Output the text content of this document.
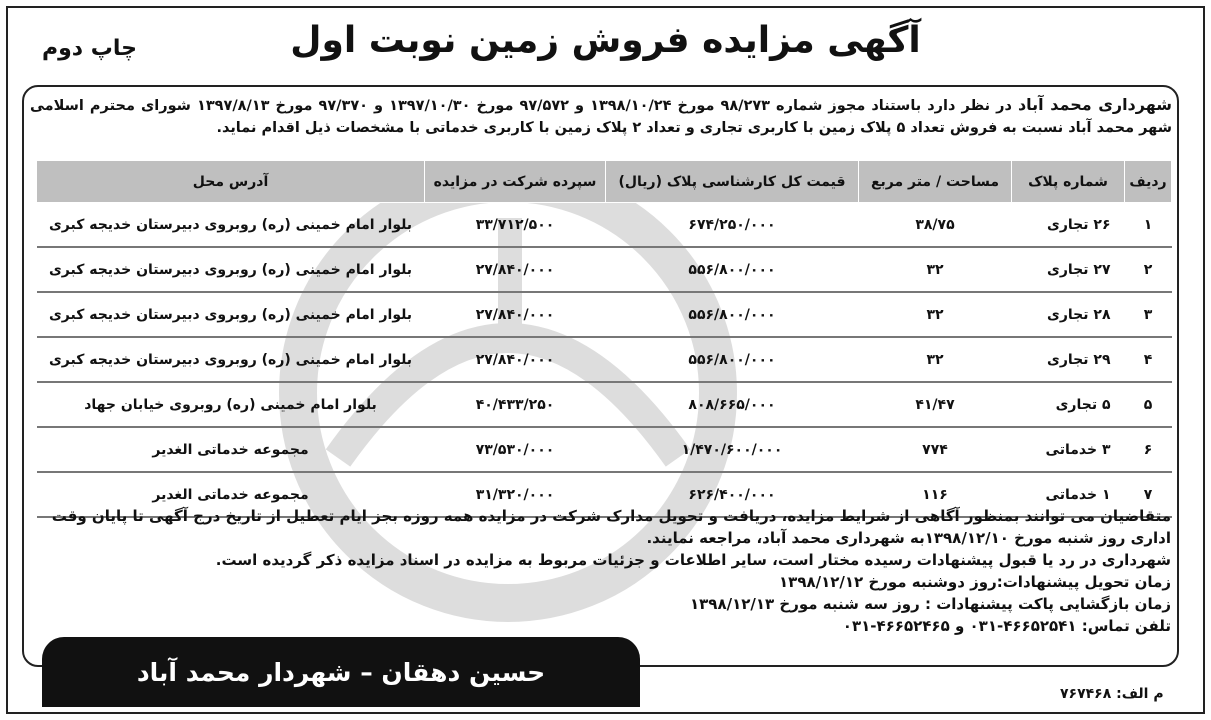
آگهی مزایده فروش زمین نوبت اول
چاپ دوم
شهرداری محمد آباد در نظر دارد باستناد مجوز شماره ۹۸/۲۷۳ مورخ ۱۳۹۸/۱۰/۲۴ و ۹۷/۵۷۲ مورخ ۱۳۹۷/۱۰/۳۰ و ۹۷/۳۷۰ مورخ ۱۳۹۷/۸/۱۳ شورای محترم اسلامی شهر محمد آباد نسبت به فروش تعداد ۵ پلاک زمین با کاربری تجاری و تعداد ۲ پلاک زمین با کاربری خدماتی با مشخصات ذیل اقدام نماید.
ردیف	شماره پلاک	مساحت / متر مربع	قیمت کل کارشناسی پلاک (ریال)	سپرده شرکت در مزایده	آدرس محل
۱	۲۶ تجاری	۳۸/۷۵	۶۷۴/۲۵۰/۰۰۰	۳۳/۷۱۲/۵۰۰	بلوار امام خمینی (ره) روبروی دبیرستان خدیجه کبری
۲	۲۷ تجاری	۳۲	۵۵۶/۸۰۰/۰۰۰	۲۷/۸۴۰/۰۰۰	بلوار امام خمینی (ره) روبروی دبیرستان خدیجه کبری
۳	۲۸ تجاری	۳۲	۵۵۶/۸۰۰/۰۰۰	۲۷/۸۴۰/۰۰۰	بلوار امام خمینی (ره) روبروی دبیرستان خدیجه کبری
۴	۲۹ تجاری	۳۲	۵۵۶/۸۰۰/۰۰۰	۲۷/۸۴۰/۰۰۰	بلوار امام خمینی (ره) روبروی دبیرستان خدیجه کبری
۵	۵ تجاری	۴۱/۴۷	۸۰۸/۶۶۵/۰۰۰	۴۰/۴۳۳/۲۵۰	بلوار امام خمینی (ره) روبروی خیابان جهاد
۶	۳ خدماتی	۷۷۴	۱/۴۷۰/۶۰۰/۰۰۰	۷۳/۵۳۰/۰۰۰	مجموعه خدماتی الغدیر
۷	۱ خدماتی	۱۱۶	۶۲۶/۴۰۰/۰۰۰	۳۱/۳۲۰/۰۰۰	مجموعه خدماتی الغدیر

متقاضیان می توانند بمنظور آگاهی از شرایط مزایده، دریافت و تحویل مدارک شرکت در مزایده همه روزه بجز ایام تعطیل از تاریخ درج آگهی تا پایان وقت اداری روز شنبه مورخ ۱۳۹۸/۱۲/۱۰به شهرداری محمد آباد، مراجعه نمایند.

شهرداری در رد یا قبول پیشنهادات رسیده مختار است، سایر اطلاعات و جزئیات مربوط به مزایده در اسناد مزایده ذکر گردیده است.

زمان تحویل پیشنهادات:روز دوشنبه مورخ ۱۳۹۸/۱۲/۱۲

زمان بازگشایی پاکت پیشنهادات : روز سه شنبه مورخ ۱۳۹۸/۱۲/۱۳

تلفن تماس: ۴۶۶۵۲۵۴۱-۰۳۱ و ۴۶۶۵۲۴۶۵-۰۳۱

حسین دهقان – شهردار محمد آباد
م الف: ۷۶۷۴۶۸
